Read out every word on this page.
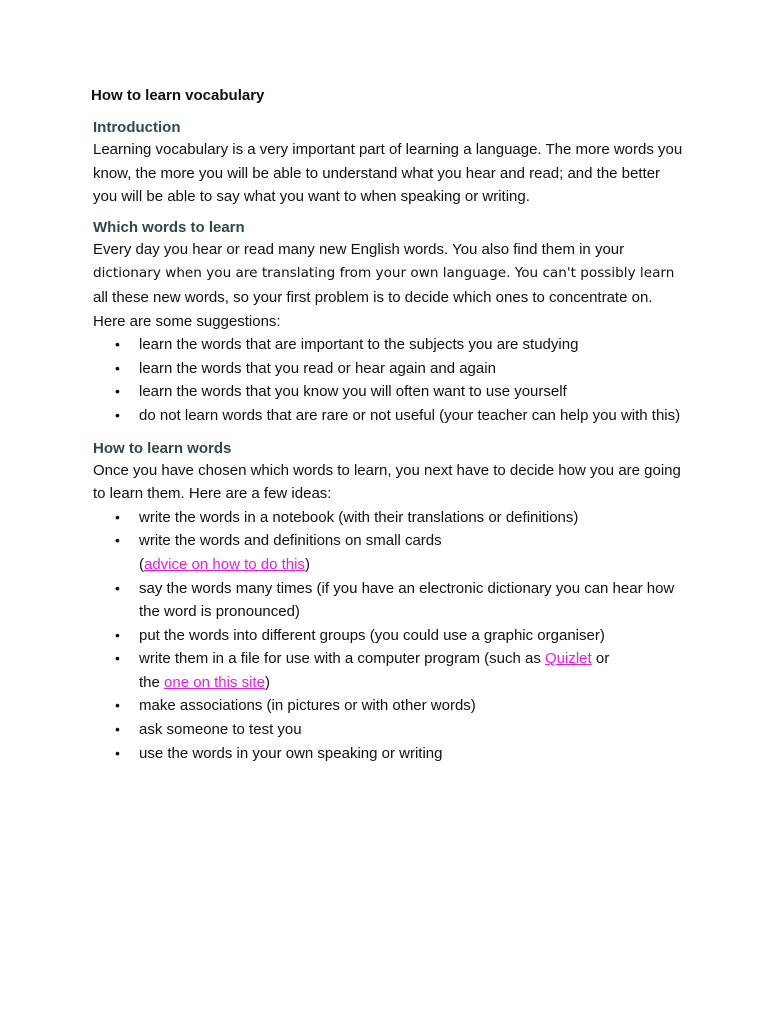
How to learn vocabulary
Introduction

Learning vocabulary is a very important part of learning a language. The more words you know, the more you will be able to understand what you hear and read; and the better you will be able to say what you want to when speaking or writing.

Which words to learn

Every day you hear or read many new English words. You also find them in your
dictionary when you are translating from your own language. You can't possibly learn
all these new words, so your first problem is to decide which ones to concentrate on. Here are some suggestions:

• learn the words that are important to the subjects you are studying
• learn the words that you read or hear again and again
• learn the words that you know you will often want to use yourself
• do not learn words that are rare or not useful (your teacher can help you with this)
How to learn words

Once you have chosen which words to learn, you next have to decide how you are going to learn them. Here are a few ideas:

• write the words in a notebook (with their translations or definitions)
• write the words and definitions on small cards
(advice on how to do this)
• say the words many times (if you have an electronic dictionary you can hear how the word is pronounced)
• put the words into different groups (you could use a graphic organiser)
• write them in a file for use with a computer program (such as Quizlet or
the one on this site)
• make associations (in pictures or with other words)
• ask someone to test you
• use the words in your own speaking or writing
